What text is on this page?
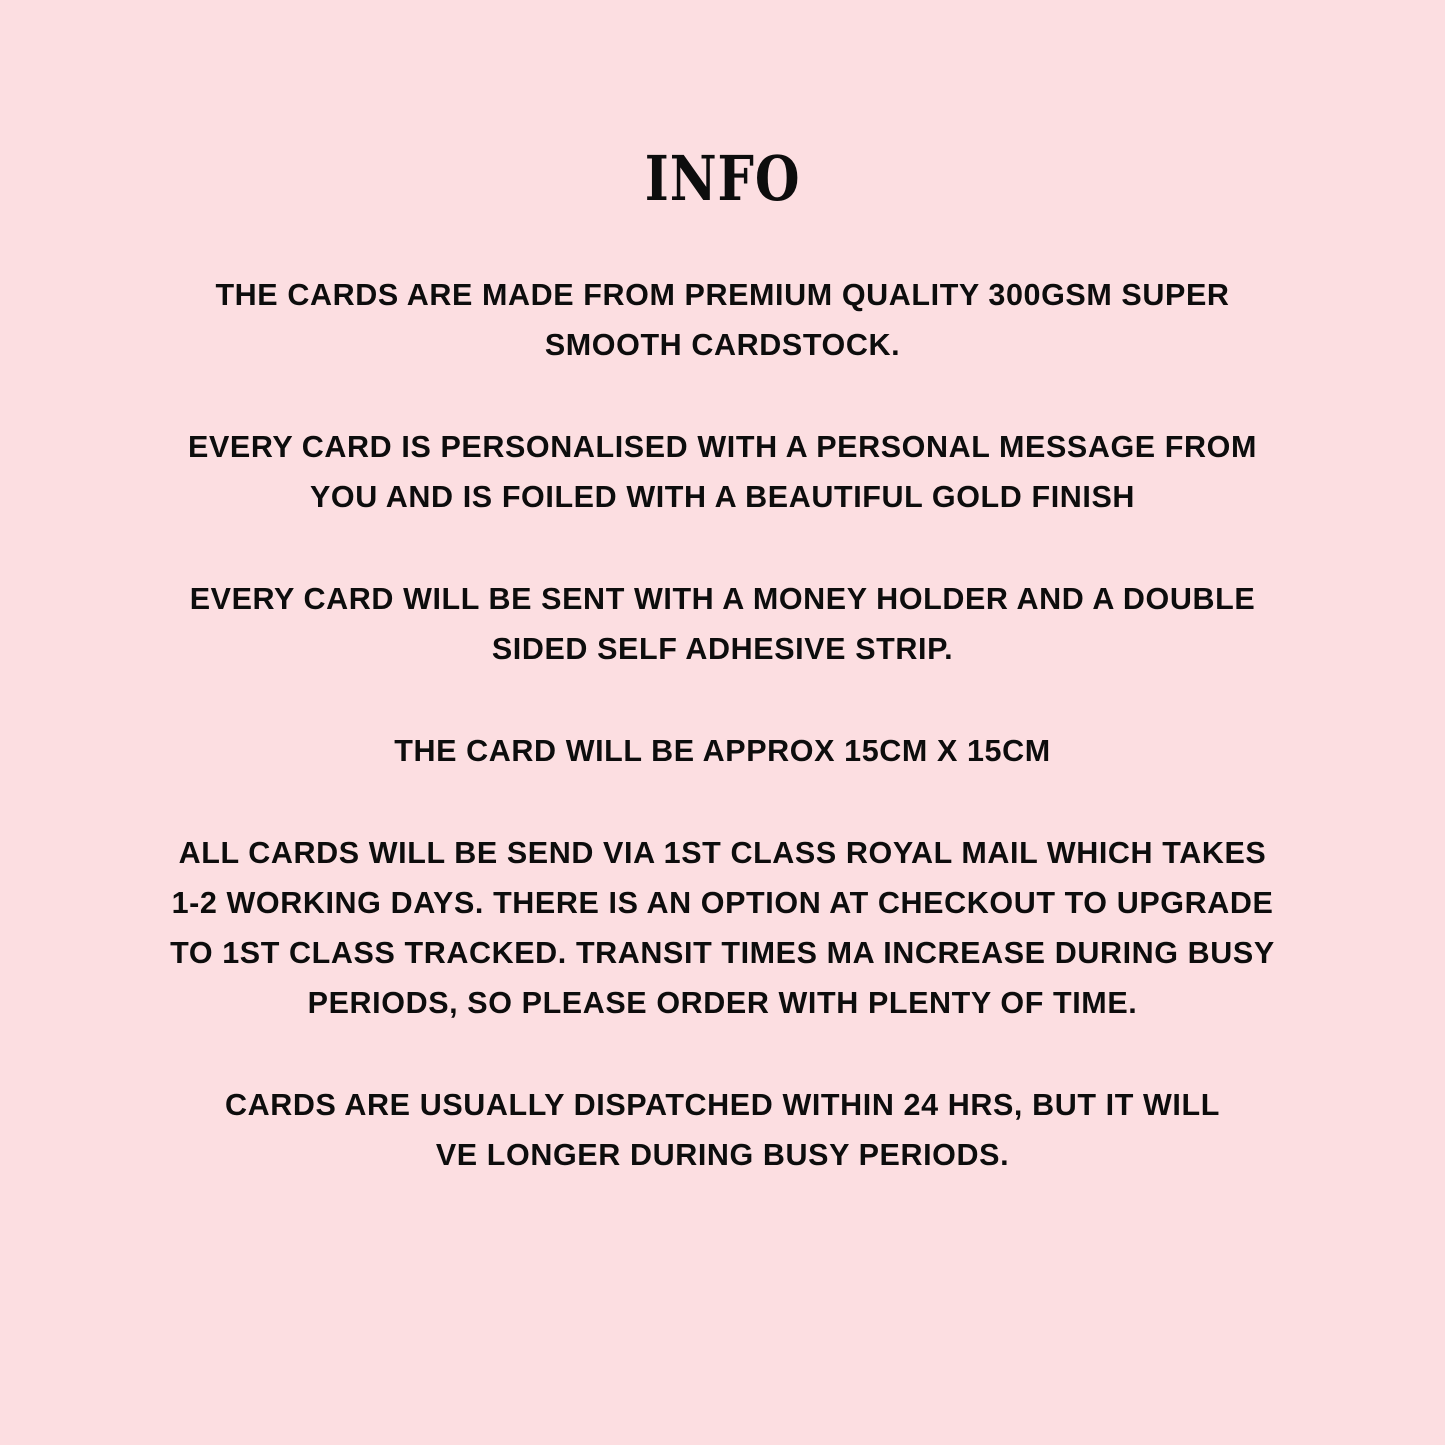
INFO
THE CARDS ARE MADE FROM PREMIUM QUALITY 300GSM SUPER SMOOTH CARDSTOCK.
EVERY CARD IS PERSONALISED WITH A PERSONAL MESSAGE FROM YOU AND IS FOILED WITH A BEAUTIFUL GOLD FINISH
EVERY CARD WILL BE SENT WITH A MONEY HOLDER AND A DOUBLE SIDED SELF ADHESIVE STRIP.
THE CARD WILL BE APPROX 15CM X 15CM
ALL CARDS WILL BE SEND VIA 1ST CLASS ROYAL MAIL WHICH TAKES 1-2 WORKING DAYS. THERE IS AN OPTION AT CHECKOUT TO UPGRADE TO 1ST CLASS TRACKED. TRANSIT TIMES MA INCREASE DURING BUSY PERIODS, SO PLEASE ORDER WITH PLENTY OF TIME.
CARDS ARE USUALLY DISPATCHED WITHIN 24 HRS, BUT IT WILL VE LONGER DURING BUSY PERIODS.
